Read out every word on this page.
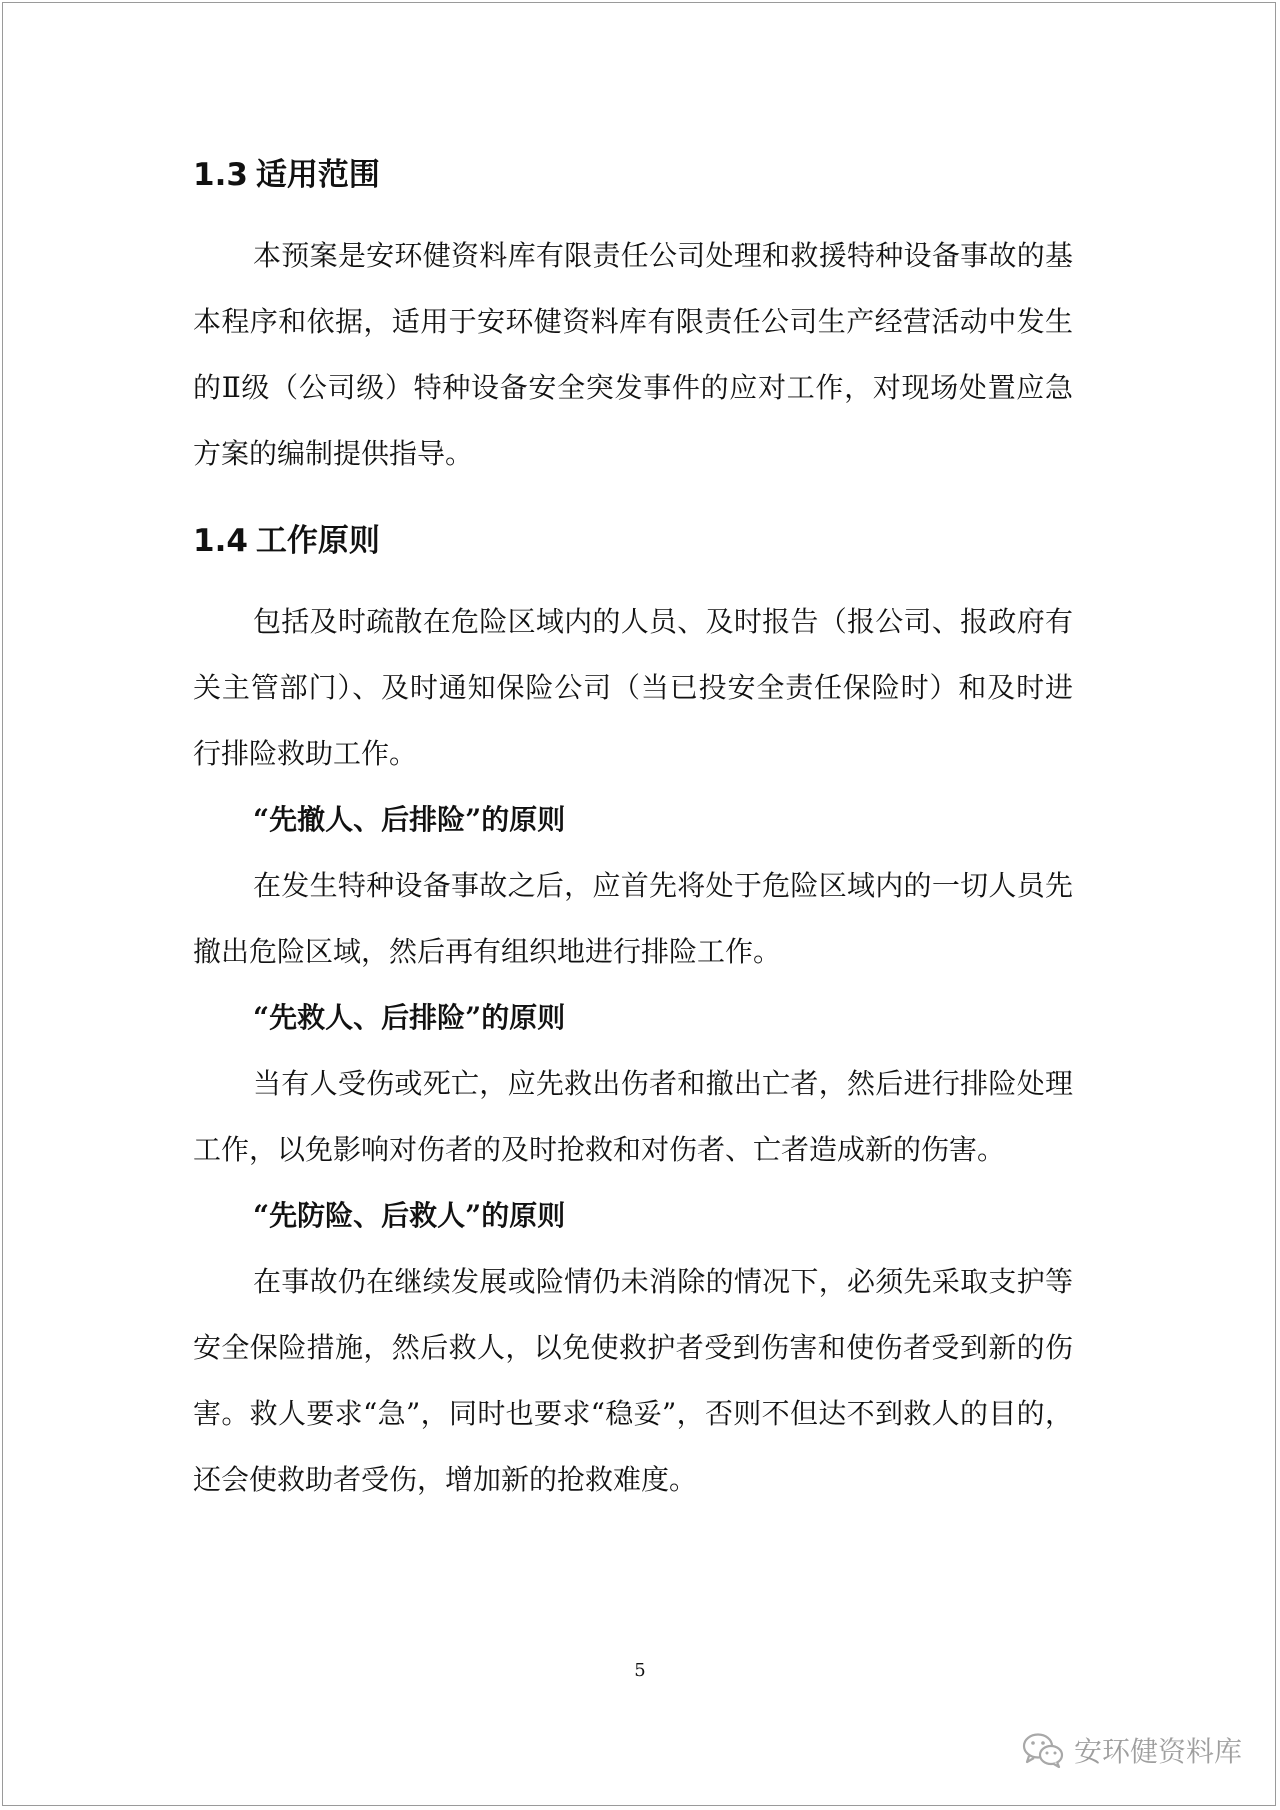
1.3 适用范围

本预案是安环健资料库有限责任公司处理和救援特种设备事故的基本程序和依据，适用于安环健资料库有限责任公司生产经营活动中发生的Ⅱ级（公司级）特种设备安全突发事件的应对工作，对现场处置应急方案的编制提供指导。

1.4 工作原则

包括及时疏散在危险区域内的人员、及时报告（报公司、报政府有关主管部门）、及时通知保险公司（当已投安全责任保险时）和及时进行排险救助工作。

“先撤人、后排险”的原则

在发生特种设备事故之后，应首先将处于危险区域内的一切人员先撤出危险区域，然后再有组织地进行排险工作。

“先救人、后排险”的原则

当有人受伤或死亡，应先救出伤者和撤出亡者，然后进行排险处理工作，以免影响对伤者的及时抢救和对伤者、亡者造成新的伤害。

“先防险、后救人”的原则

在事故仍在继续发展或险情仍未消除的情况下，必须先采取支护等安全保险措施，然后救人，以免使救护者受到伤害和使伤者受到新的伤害。救人要求“急”，同时也要求“稳妥”，否则不但达不到救人的目的，还会使救助者受伤，增加新的抢救难度。

5
安环健资料库
